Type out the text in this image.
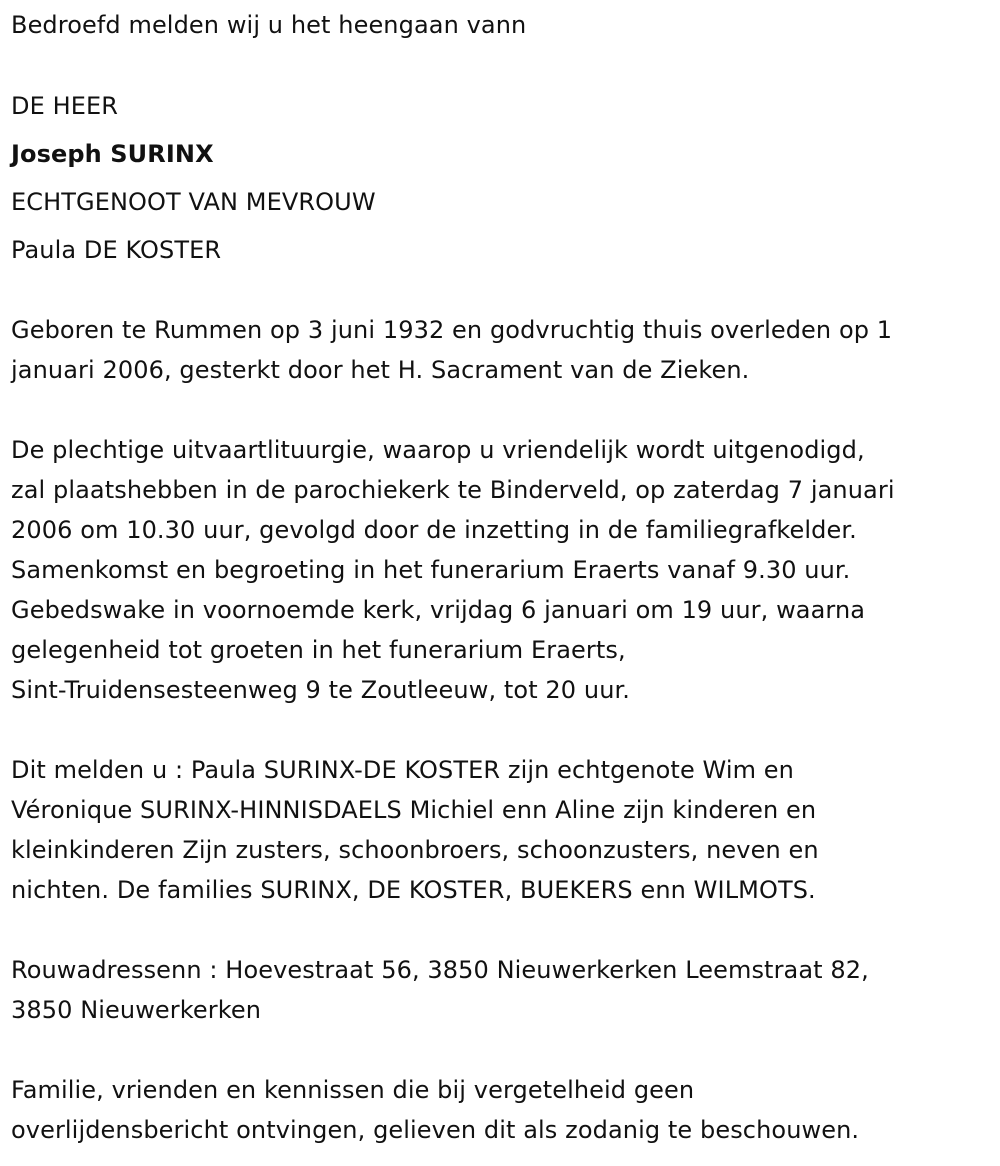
Bedroefd melden wij u het heengaan vann
DE HEER
Joseph SURINX
ECHTGENOOT VAN MEVROUW
Paula DE KOSTER
Geboren te Rummen op 3 juni 1932 en godvruchtig thuis overleden op 1
januari 2006, gesterkt door het H. Sacrament van de Zieken.
De plechtige uitvaartlituurgie, waarop u vriendelijk wordt uitgenodigd,
zal plaatshebben in de parochiekerk te Binderveld, op zaterdag 7 januari
2006 om 10.30 uur, gevolgd door de inzetting in de familiegrafkelder.
Samenkomst en begroeting in het funerarium Eraerts vanaf 9.30 uur.
Gebedswake in voornoemde kerk, vrijdag 6 januari om 19 uur, waarna
gelegenheid tot groeten in het funerarium Eraerts,
Sint-Truidensesteenweg 9 te Zoutleeuw, tot 20 uur.
Dit melden u : Paula SURINX-DE KOSTER zijn echtgenote Wim en
Véronique SURINX-HINNISDAELS Michiel enn Aline zijn kinderen en
kleinkinderen Zijn zusters, schoonbroers, schoonzusters, neven en
nichten. De families SURINX, DE KOSTER, BUEKERS enn WILMOTS.
Rouwadressenn : Hoevestraat 56, 3850 Nieuwerkerken Leemstraat 82,
3850 Nieuwerkerken
Familie, vrienden en kennissen die bij vergetelheid geen
overlijdensbericht ontvingen, gelieven dit als zodanig te beschouwen.
